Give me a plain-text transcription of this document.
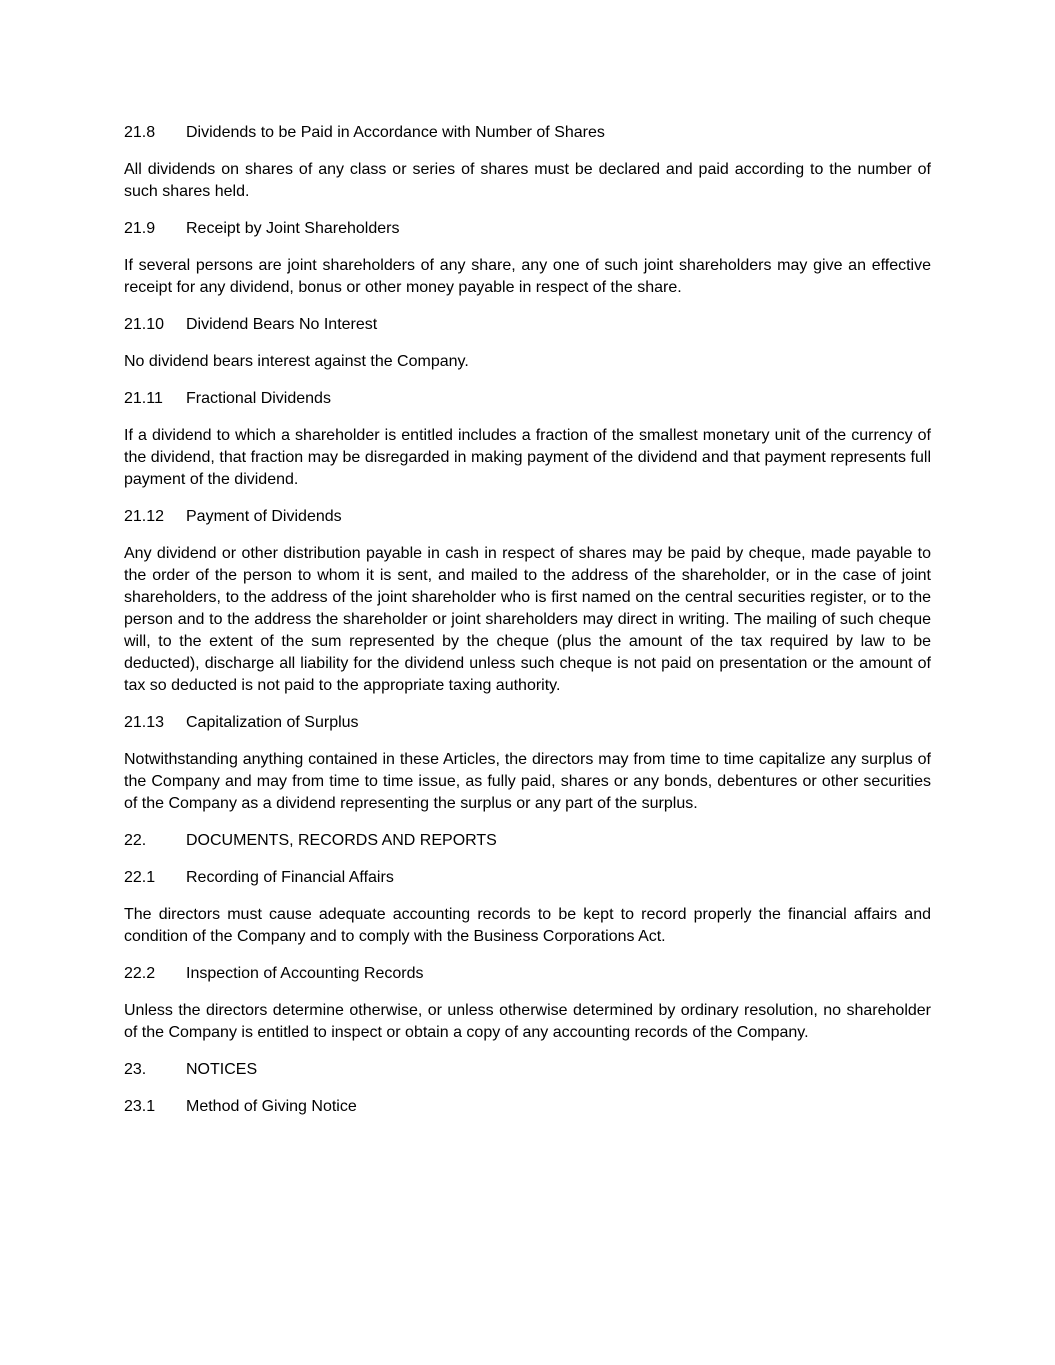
21.8	Dividends to be Paid in Accordance with Number of Shares

All dividends on shares of any class or series of shares must be declared and paid according to the number of such shares held.

21.9	Receipt by Joint Shareholders

If several persons are joint shareholders of any share, any one of such joint shareholders may give an effective receipt for any dividend, bonus or other money payable in respect of the share.

21.10	Dividend Bears No Interest

No dividend bears interest against the Company.

21.11	Fractional Dividends

If a dividend to which a shareholder is entitled includes a fraction of the smallest monetary unit of the currency of the dividend, that fraction may be disregarded in making payment of the dividend and that payment represents full payment of the dividend.

21.12	Payment of Dividends

Any dividend or other distribution payable in cash in respect of shares may be paid by cheque, made payable to the order of the person to whom it is sent, and mailed to the address of the shareholder, or in the case of joint shareholders, to the address of the joint shareholder who is first named on the central securities register, or to the person and to the address the shareholder or joint shareholders may direct in writing. The mailing of such cheque will, to the extent of the sum represented by the cheque (plus the amount of the tax required by law to be deducted), discharge all liability for the dividend unless such cheque is not paid on presentation or the amount of tax so deducted is not paid to the appropriate taxing authority.

21.13	Capitalization of Surplus

Notwithstanding anything contained in these Articles, the directors may from time to time capitalize any surplus of the Company and may from time to time issue, as fully paid, shares or any bonds, debentures or other securities of the Company as a dividend representing the surplus or any part of the surplus.

22.	DOCUMENTS, RECORDS AND REPORTS
22.1	Recording of Financial Affairs

The directors must cause adequate accounting records to be kept to record properly the financial affairs and condition of the Company and to comply with the Business Corporations Act.

22.2	Inspection of Accounting Records

Unless the directors determine otherwise, or unless otherwise determined by ordinary resolution, no shareholder of the Company is entitled to inspect or obtain a copy of any accounting records of the Company.

23.	NOTICES
23.1	Method of Giving Notice
